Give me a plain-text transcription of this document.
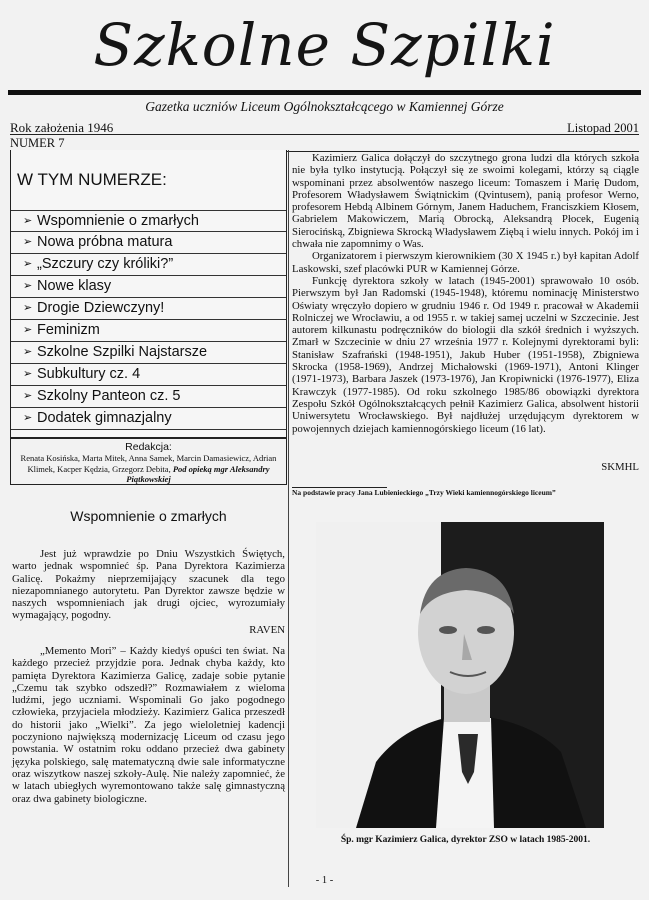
Szkolne Szpilki
Gazetka uczniów Liceum Ogólnokształcącego w Kamiennej Górze
Rok założenia 1946
NUMER 7
Listopad 2001
W TYM NUMERZE:
➢ Wspomnienie o zmarłych
➢ Nowa próbna matura
➢ „Szczury czy króliki?”
➢ Nowe klasy
➢ Drogie Dziewczyny!
➢ Feminizm
➢ Szkolne Szpilki Najstarsze
➢ Subkultury cz. 4
➢ Szkolny Panteon cz. 5
➢ Dodatek gimnazjalny
Redakcja:
Renata Kosińska, Marta Mitek, Anna Samek, Marcin Damasiewicz, Adrian Klimek, Kacper Kędzia, Grzegorz Debita, Pod opieką mgr Aleksandry Piątkowskiej
Wspomnienie o zmarłych
Jest już wprawdzie po Dniu Wszystkich Świętych, warto jednak wspomnieć śp. Pana Dyrektora Kazimierza Galicę. Pokażmy nieprzemijający szacunek dla tego niezapomnianego autorytetu. Pan Dyrektor zawsze będzie w naszych wspomnieniach jak drugi ojciec, wyrozumiały wymagający, pogodny.
RAVEN
„Memento Mori” – Każdy kiedyś opuści ten świat. Na każdego przecież przyjdzie pora. Jednak chyba każdy, kto pamięta Dyrektora Kazimierza Galicę, zadaje sobie pytanie „Czemu tak szybko odszedł?” Rozmawiałem z wieloma ludźmi, jego uczniami. Wspominali Go jako pogodnego człowieka, przyjaciela młodzieży. Kazimierz Galica przeszedł do historii jako „Wielki”. Za jego wieloletniej kadencji poczyniono największą modernizację Liceum od czasu jego powstania. W ostatnim roku oddano przecież dwa gabinety języka polskiego, salę matematyczną dwie sale informatyczne oraz wiszytkow naszej szkoły-Aulę. Nie należy zapomnieć, że w latach ubiegłych wyremontowano także salę gimnastyczną oraz dwa gabinety biologiczne.

Kazimierz Galica dołączył do szczytnego grona ludzi dla których szkoła nie była tylko instytucją. Połączył się ze swoimi kolegami, którzy są ciągle wspominani przez absolwentów naszego liceum: Tomaszem i Marię Dudom, Profesorem Władysławem Świątnickim (Qvintusem), panią profesor Werno, profesorem Hebdą Albinem Górnym, Janem Haduchem, Franciszkiem Kłosem, Gabrielem Makowiczem, Marią Obrocką, Aleksandrą Płocek, Eugenią Sierocińską, Zbigniewa Skrocką Władysławem Ziębą i wielu innych. Pokój im i chwała nie zapomnimy o Was.

Organizatorem i pierwszym kierownikiem (30 X 1945 r.) był kapitan Adolf Laskowski, szef placówki PUR w Kamiennej Górze.

Funkcję dyrektora szkoły w latach (1945-2001) sprawowało 10 osób. Pierwszym był Jan Radomski (1945-1948), któremu nominację Ministerstwo Oświaty wręczyło dopiero w grudniu 1946 r. Od 1949 r. pracował w Akademii Rolniczej we Wrocławiu, a od 1955 r. w takiej samej uczelni w Szczecinie. Jest autorem kilkunastu podręczników do biologii dla szkół średnich i wyższych. Zmarł w Szczecinie w dniu 27 września 1977 r. Kolejnymi dyrektorami byli: Stanisław Szafrański (1948-1951), Jakub Huber (1951-1958), Zbigniewa Skrocka (1958-1969), Andrzej Michałowski (1969-1971), Antoni Klinger (1971-1973), Barbara Jaszek (1973-1976), Jan Kropiwnicki (1976-1977), Eliza Krawczyk (1977-1985). Od roku szkolnego 1985/86 obowiązki dyrektora Zespołu Szkół Ogólnokształcących pełnił Kazimierz Galica, absolwent historii Uniwersytetu Wrocławskiego. Był najdłużej urzędującym dyrektorem w powojennych dziejach kamiennogórskiego liceum (16 lat).

SKMHL
Na podstawie pracy Jana Lubienieckiego „Trzy Wieki kamiennogórskiego liceum”
Śp. mgr Kazimierz Galica, dyrektor ZSO w latach 1985-2001.
- 1 -
